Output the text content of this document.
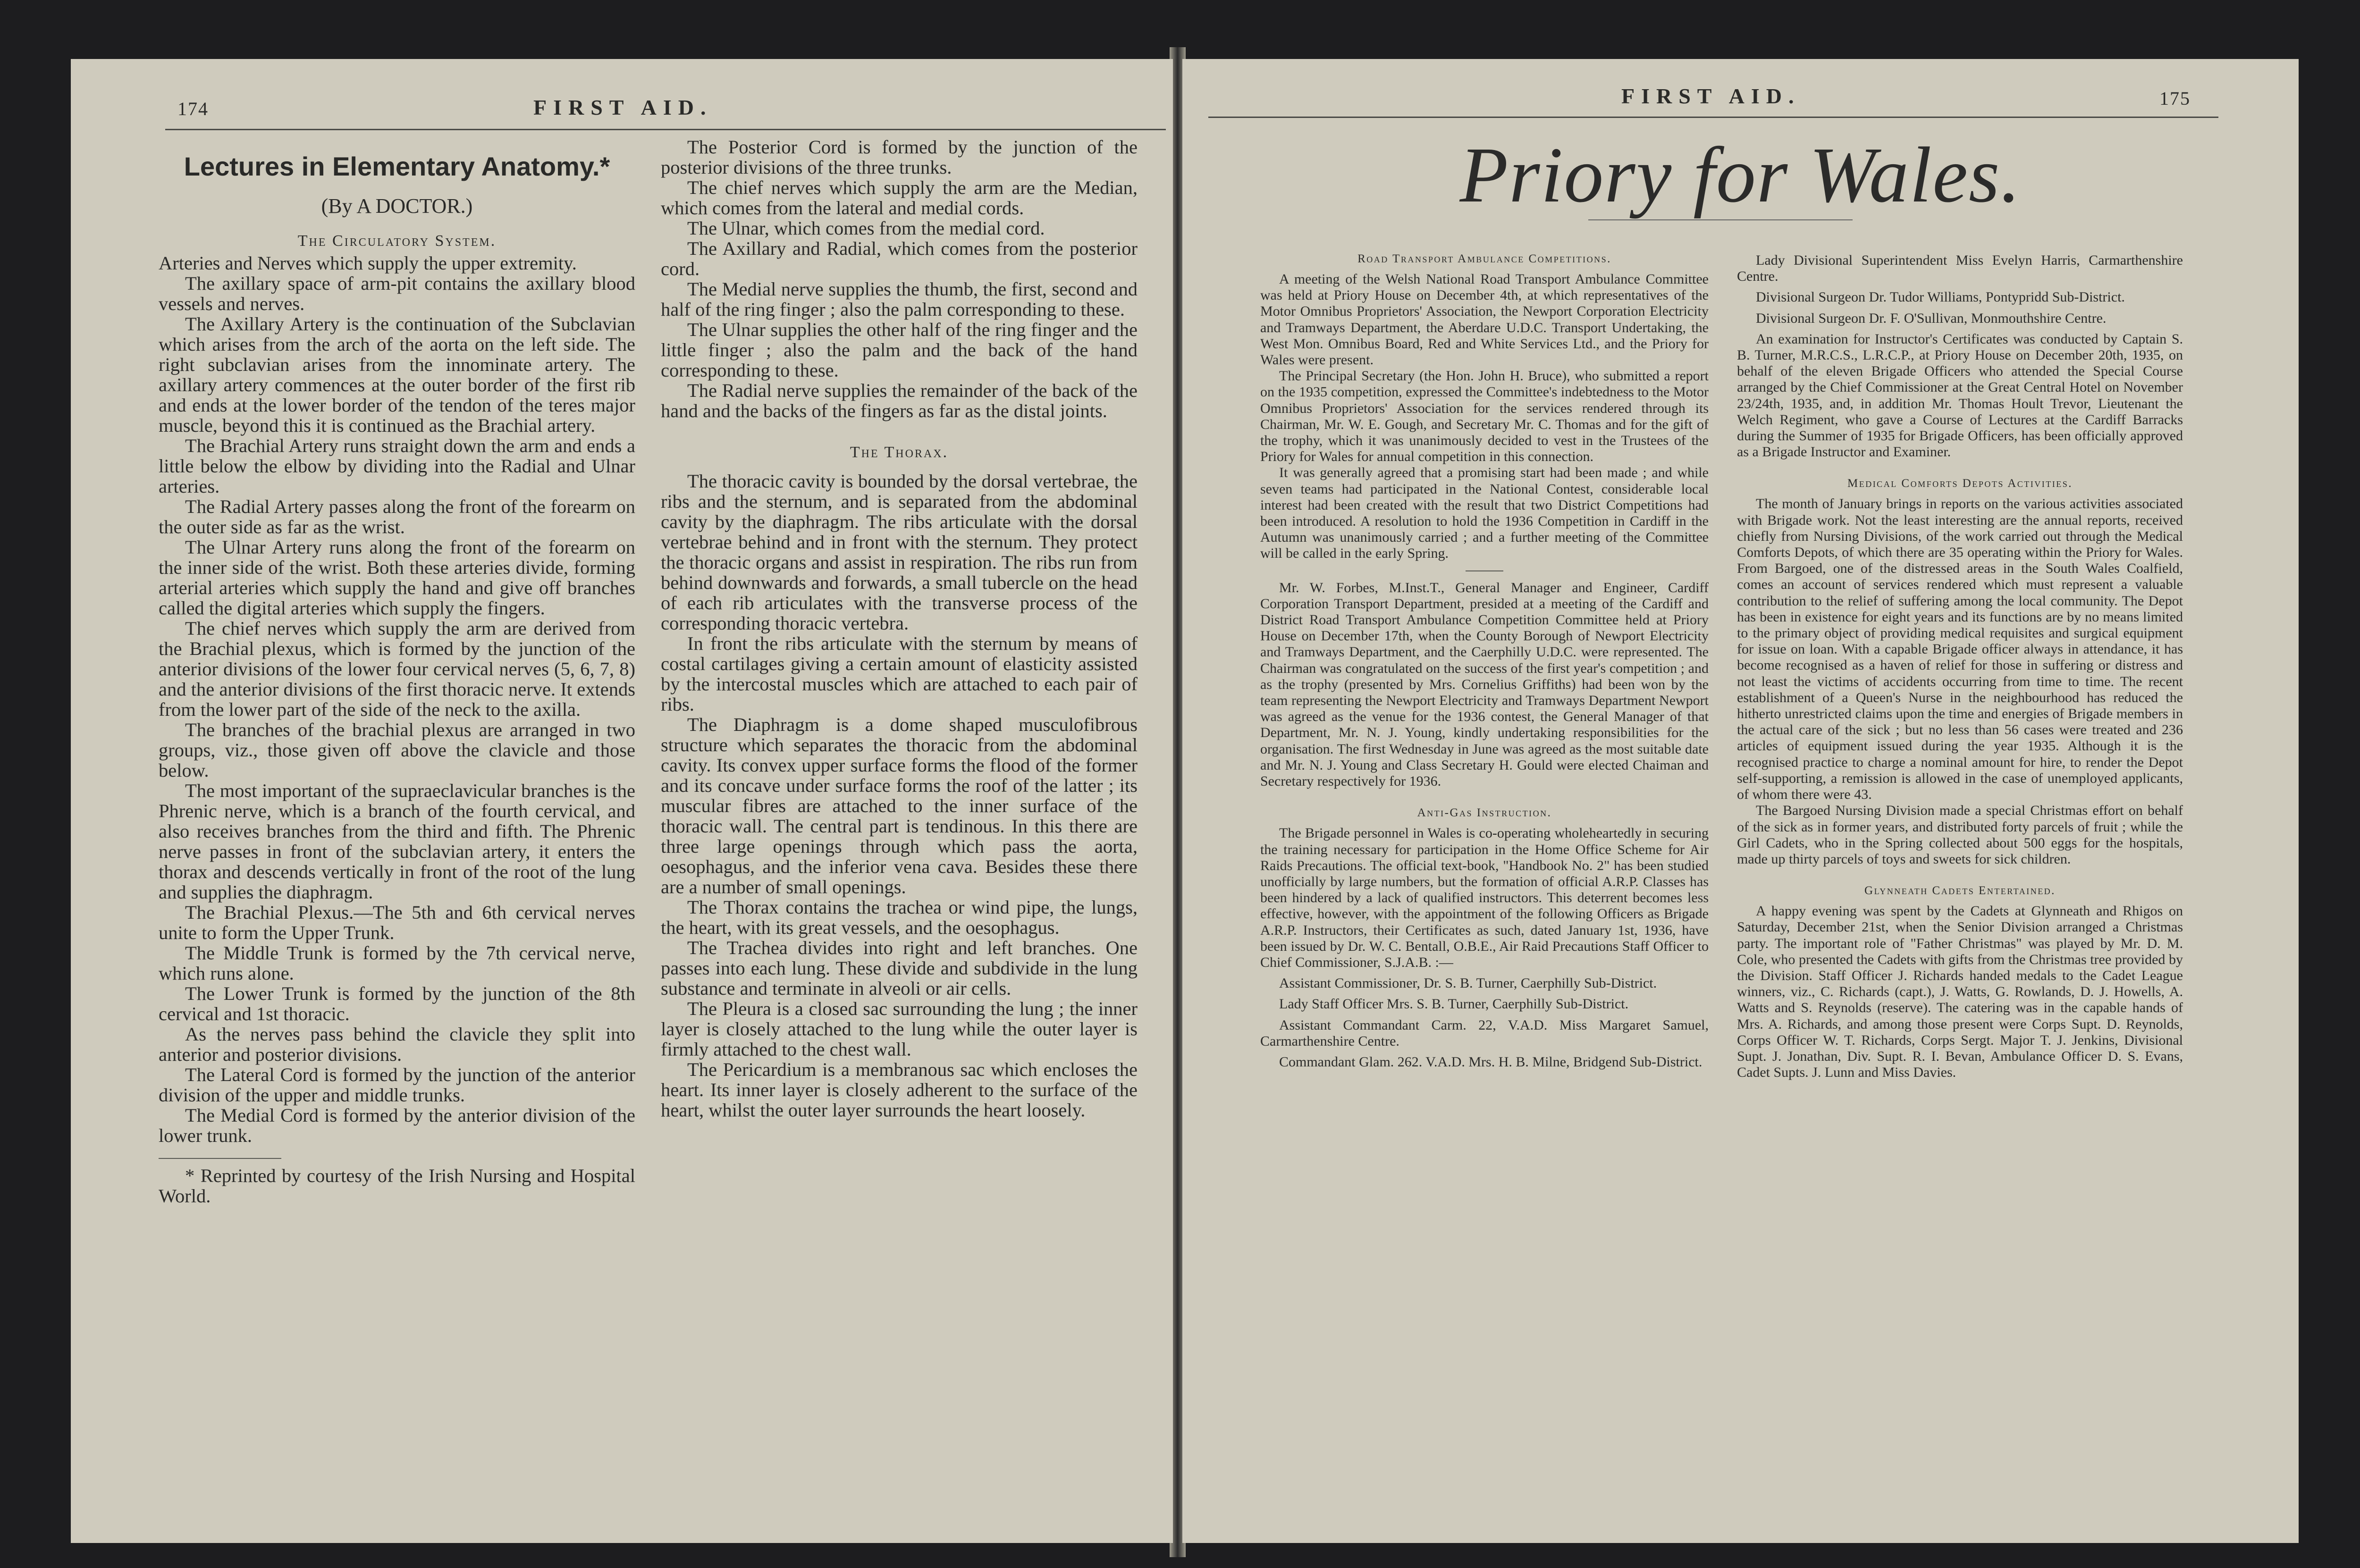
174	FIRST AID.
Lectures in Elementary Anatomy.*
(By A DOCTOR.)
The Circulatory System.

Arteries and Nerves which supply the upper extremity.

The axillary space of arm-pit contains the axillary blood vessels and nerves.

The Axillary Artery is the continuation of the Subclavian which arises from the arch of the aorta on the left side. The right subclavian arises from the innominate artery. The axillary artery commences at the outer border of the first rib and ends at the lower border of the tendon of the teres major muscle, beyond this it is continued as the Brachial artery.

The Brachial Artery runs straight down the arm and ends a little below the elbow by dividing into the Radial and Ulnar arteries.

The Radial Artery passes along the front of the forearm on the outer side as far as the wrist.

The Ulnar Artery runs along the front of the forearm on the inner side of the wrist. Both these arteries divide, forming arterial arteries which supply the hand and give off branches called the digital arteries which supply the fingers.

The chief nerves which supply the arm are derived from the Brachial plexus, which is formed by the junction of the anterior divisions of the lower four cervical nerves (5, 6, 7, 8) and the anterior divisions of the first thoracic nerve. It extends from the lower part of the side of the neck to the axilla.

The branches of the brachial plexus are arranged in two groups, viz., those given off above the clavicle and those below.

The most important of the supraeclavicular branches is the Phrenic nerve, which is a branch of the fourth cervical, and also receives branches from the third and fifth. The Phrenic nerve passes in front of the subclavian artery, it enters the thorax and descends vertically in front of the root of the lung and supplies the diaphragm.

The Brachial Plexus.—The 5th and 6th cervical nerves unite to form the Upper Trunk.

The Middle Trunk is formed by the 7th cervical nerve, which runs alone.

The Lower Trunk is formed by the junction of the 8th cervical and 1st thoracic.

As the nerves pass behind the clavicle they split into anterior and posterior divisions.

The Lateral Cord is formed by the junction of the anterior division of the upper and middle trunks.

The Medial Cord is formed by the anterior division of the lower trunk.

* Reprinted by courtesy of the Irish Nursing and Hospital World.

The Posterior Cord is formed by the junction of the posterior divisions of the three trunks.

The chief nerves which supply the arm are the Median, which comes from the lateral and medial cords.

The Ulnar, which comes from the medial cord.

The Axillary and Radial, which comes from the posterior cord.

The Medial nerve supplies the thumb, the first, second and half of the ring finger ; also the palm corresponding to these.

The Ulnar supplies the other half of the ring finger and the little finger ; also the palm and the back of the hand corresponding to these.

The Radial nerve supplies the remainder of the back of the hand and the backs of the fingers as far as the distal joints.

The Thorax.

The thoracic cavity is bounded by the dorsal vertebrae, the ribs and the sternum, and is separated from the abdominal cavity by the diaphragm. The ribs articulate with the dorsal vertebrae behind and in front with the sternum. They protect the thoracic organs and assist in respiration. The ribs run from behind downwards and forwards, a small tubercle on the head of each rib articulates with the transverse process of the corresponding thoracic vertebra.

In front the ribs articulate with the sternum by means of costal cartilages giving a certain amount of elasticity assisted by the intercostal muscles which are attached to each pair of ribs.

The Diaphragm is a dome shaped musculofibrous structure which separates the thoracic from the abdominal cavity. Its convex upper surface forms the flood of the former and its concave under surface forms the roof of the latter ; its muscular fibres are attached to the inner surface of the thoracic wall. The central part is tendinous. In this there are three large openings through which pass the aorta, oesophagus, and the inferior vena cava. Besides these there are a number of small openings.

The Thorax contains the trachea or wind pipe, the lungs, the heart, with its great vessels, and the oesophagus.

The Trachea divides into right and left branches. One passes into each lung. These divide and subdivide in the lung substance and terminate in alveoli or air cells.

The Pleura is a closed sac surrounding the lung ; the inner layer is closely attached to the lung while the outer layer is firmly attached to the chest wall.

The Pericardium is a membranous sac which encloses the heart. Its inner layer is closely adherent to the surface of the heart, whilst the outer layer surrounds the heart loosely.

FIRST AID.	175
Priory for Wales.
Road Transport Ambulance Competitions.

A meeting of the Welsh National Road Transport Ambulance Committee was held at Priory House on December 4th, at which representatives of the Motor Omnibus Proprietors' Association, the Newport Corporation Electricity and Tramways Department, the Aberdare U.D.C. Transport Undertaking, the West Mon. Omnibus Board, Red and White Services Ltd., and the Priory for Wales were present.

The Principal Secretary (the Hon. John H. Bruce), who submitted a report on the 1935 competition, expressed the Committee's indebtedness to the Motor Omnibus Proprietors' Association for the services rendered through its Chairman, Mr. W. E. Gough, and Secretary Mr. C. Thomas and for the gift of the trophy, which it was unanimously decided to vest in the Trustees of the Priory for Wales for annual competition in this connection.

It was generally agreed that a promising start had been made ; and while seven teams had participated in the National Contest, considerable local interest had been created with the result that two District Competitions had been introduced. A resolution to hold the 1936 Competition in Cardiff in the Autumn was unanimously carried ; and a further meeting of the Committee will be called in the early Spring.

Mr. W. Forbes, M.Inst.T., General Manager and Engineer, Cardiff Corporation Transport Department, presided at a meeting of the Cardiff and District Road Transport Ambulance Competition Committee held at Priory House on December 17th, when the County Borough of Newport Electricity and Tramways Department, and the Caerphilly U.D.C. were represented. The Chairman was congratulated on the success of the first year's competition ; and as the trophy (presented by Mrs. Cornelius Griffiths) had been won by the team representing the Newport Electricity and Tramways Department Newport was agreed as the venue for the 1936 contest, the General Manager of that Department, Mr. N. J. Young, kindly undertaking responsibilities for the organisation. The first Wednesday in June was agreed as the most suitable date and Mr. N. J. Young and Class Secretary H. Gould were elected Chaiman and Secretary respectively for 1936.

Anti-Gas Instruction.

The Brigade personnel in Wales is co-operating wholeheartedly in securing the training necessary for participation in the Home Office Scheme for Air Raids Precautions. The official text-book, "Handbook No. 2" has been studied unofficially by large numbers, but the formation of official A.R.P. Classes has been hindered by a lack of qualified instructors. This deterrent becomes less effective, however, with the appointment of the following Officers as Brigade A.R.P. Instructors, their Certificates as such, dated January 1st, 1936, have been issued by Dr. W. C. Bentall, O.B.E., Air Raid Precautions Staff Officer to Chief Commissioner, S.J.A.B. :—

Assistant Commissioner, Dr. S. B. Turner, Caerphilly Sub-District.

Lady Staff Officer Mrs. S. B. Turner, Caerphilly Sub-District.

Assistant Commandant Carm. 22, V.A.D. Miss Margaret Samuel, Carmarthenshire Centre.

Commandant Glam. 262. V.A.D. Mrs. H. B. Milne, Bridgend Sub-District.

Lady Divisional Superintendent Miss Evelyn Harris, Carmarthenshire Centre.

Divisional Surgeon Dr. Tudor Williams, Pontypridd Sub-District.

Divisional Surgeon Dr. F. O'Sullivan, Monmouthshire Centre.

An examination for Instructor's Certificates was conducted by Captain S. B. Turner, M.R.C.S., L.R.C.P., at Priory House on December 20th, 1935, on behalf of the eleven Brigade Officers who attended the Special Course arranged by the Chief Commissioner at the Great Central Hotel on November 23/24th, 1935, and, in addition Mr. Thomas Hoult Trevor, Lieutenant the Welch Regiment, who gave a Course of Lectures at the Cardiff Barracks during the Summer of 1935 for Brigade Officers, has been officially approved as a Brigade Instructor and Examiner.

Medical Comforts Depots Activities.

The month of January brings in reports on the various activities associated with Brigade work. Not the least interesting are the annual reports, received chiefly from Nursing Divisions, of the work carried out through the Medical Comforts Depots, of which there are 35 operating within the Priory for Wales. From Bargoed, one of the distressed areas in the South Wales Coalfield, comes an account of services rendered which must represent a valuable contribution to the relief of suffering among the local community. The Depot has been in existence for eight years and its functions are by no means limited to the primary object of providing medical requisites and surgical equipment for issue on loan. With a capable Brigade officer always in attendance, it has become recognised as a haven of relief for those in suffering or distress and not least the victims of accidents occurring from time to time. The recent establishment of a Queen's Nurse in the neighbourhood has reduced the hitherto unrestricted claims upon the time and energies of Brigade members in the actual care of the sick ; but no less than 56 cases were treated and 236 articles of equipment issued during the year 1935. Although it is the recognised practice to charge a nominal amount for hire, to render the Depot self-supporting, a remission is allowed in the case of unemployed applicants, of whom there were 43.

The Bargoed Nursing Division made a special Christmas effort on behalf of the sick as in former years, and distributed forty parcels of fruit ; while the Girl Cadets, who in the Spring collected about 500 eggs for the hospitals, made up thirty parcels of toys and sweets for sick children.

Glynneath Cadets Entertained.

A happy evening was spent by the Cadets at Glynneath and Rhigos on Saturday, December 21st, when the Senior Division arranged a Christmas party. The important role of "Father Christmas" was played by Mr. D. M. Cole, who presented the Cadets with gifts from the Christmas tree provided by the Division. Staff Officer J. Richards handed medals to the Cadet League winners, viz., C. Richards (capt.), J. Watts, G. Rowlands, D. J. Howells, A. Watts and S. Reynolds (reserve). The catering was in the capable hands of Mrs. A. Richards, and among those present were Corps Supt. D. Reynolds, Corps Officer W. T. Richards, Corps Sergt. Major T. J. Jenkins, Divisional Supt. J. Jonathan, Div. Supt. R. I. Bevan, Ambulance Officer D. S. Evans, Cadet Supts. J. Lunn and Miss Davies.
